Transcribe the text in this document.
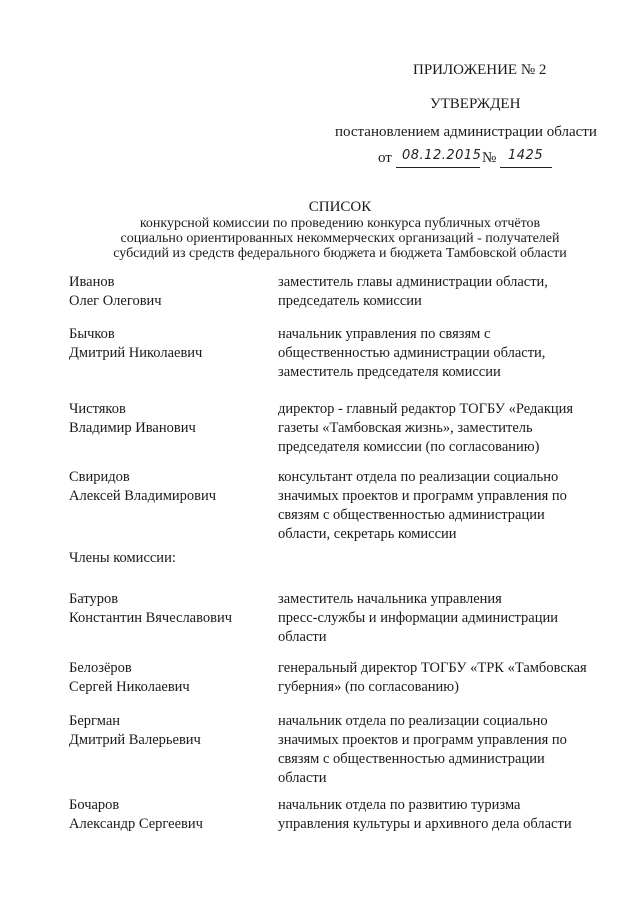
ПРИЛОЖЕНИЕ № 2
УТВЕРЖДЕН
постановлением администрации области
от 08.12.2015 № 1425
СПИСОК
конкурсной комиссии по проведению конкурса публичных отчётов
социально ориентированных некоммерческих организаций - получателей
субсидий из средств федерального бюджета и бюджета Тамбовской области
Иванов
Олег Олегович
заместитель главы администрации области,
председатель комиссии
Бычков
Дмитрий Николаевич
начальник управления по связям с
общественностью администрации области,
заместитель председателя комиссии
Чистяков
Владимир Иванович
директор - главный редактор ТОГБУ «Редакция
газеты «Тамбовская жизнь», заместитель
председателя комиссии (по согласованию)
Свиридов
Алексей Владимирович
консультант отдела по реализации социально
значимых проектов и программ управления по
связям с общественностью администрации
области, секретарь комиссии
Члены комиссии:
Батуров
Константин Вячеславович
заместитель начальника управления
пресс-службы и информации администрации
области
Белозёров
Сергей Николаевич
генеральный директор ТОГБУ «ТРК «Тамбовская
губерния» (по согласованию)
Бергман
Дмитрий Валерьевич
начальник отдела по реализации социально
значимых проектов и программ управления по
связям с общественностью администрации
области
Бочаров
Александр Сергеевич
начальник отдела по развитию туризма
управления культуры и архивного дела области
